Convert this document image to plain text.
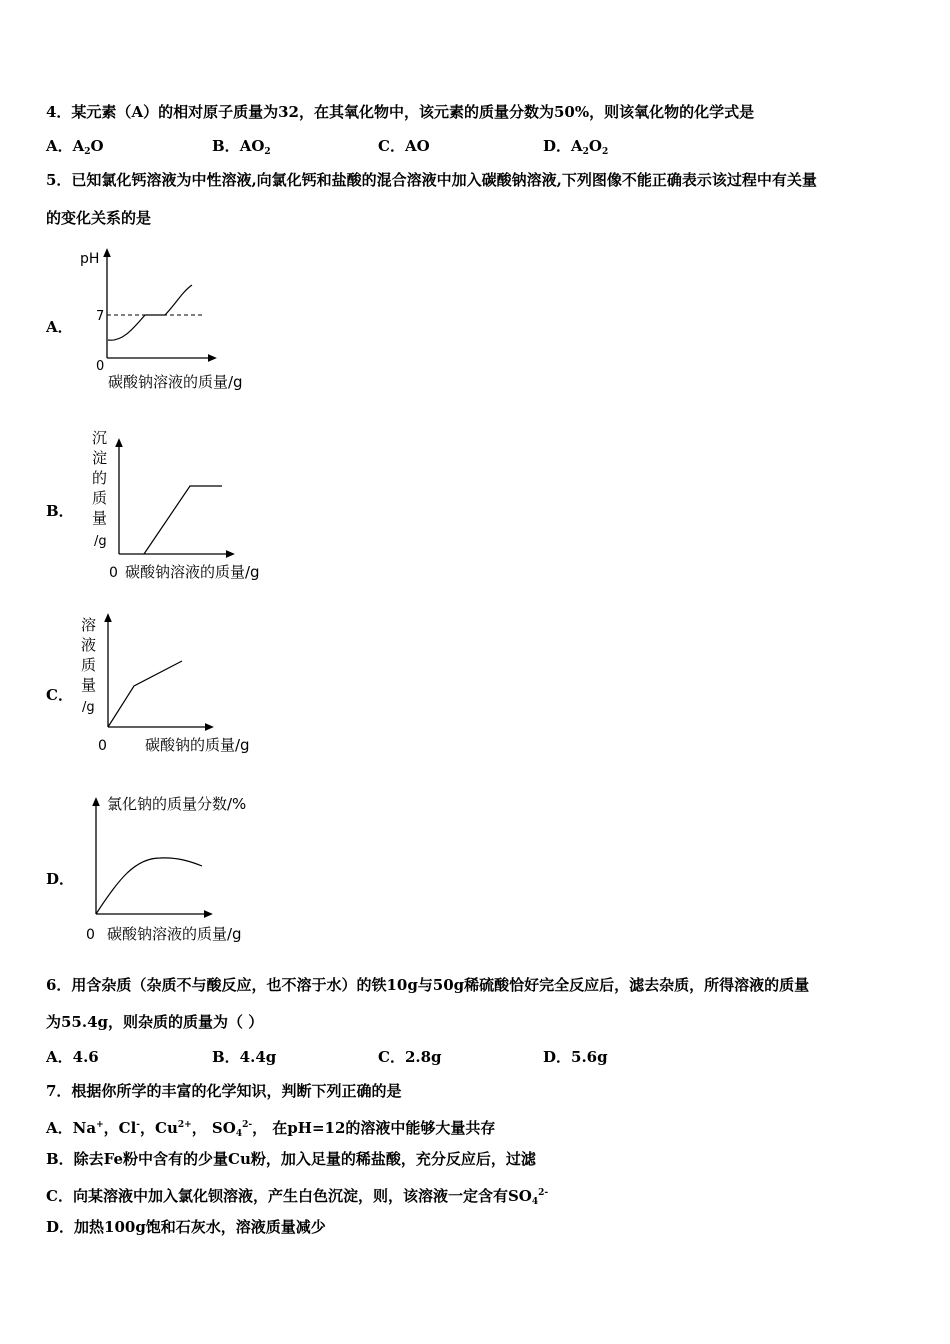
4．某元素（A）的相对原子质量为32，在其氧化物中，该元素的质量分数为50%，则该氧化物的化学式是
A．$A_2O$	B．$AO_2$	C．AO	D．$A_2O_2$
5．已知氯化钙溶液为中性溶液,向氯化钙和盐酸的混合溶液中加入碳酸钠溶液,下列图像不能正确表示该过程中有关量
的变化关系的是
A．
pH
7
0
碳酸钠溶液的质量/g
沉
淀
的
质
量
/g
0 碳酸钠溶液的质量/g
溶
液
质
量
/g
0	碳酸钠的质量/g
氯化钠的质量分数/%
0 碳酸钠溶液的质量/g
B．
C．
D．
6．用含杂质（杂质不与酸反应，也不溶于水）的铁10g与50g稀硫酸恰好完全反应后，滤去杂质，所得溶液的质量
为55.4g，则杂质的质量为（ ）
A．4.6	B．4.4g	C．2.8g	D．5.6g
7．根据你所学的丰富的化学知识，判断下列正确的是
A．Na+，Cl-，$Cu^{2+}$， $SO_4^{2-}$， 在pH=12的溶液中能够大量共存
B．除去Fe粉中含有的少量Cu粉，加入足量的稀盐酸，充分反应后，过滤
C．向某溶液中加入氯化钡溶液，产生白色沉淀，则，该溶液一定含有$SO_4^{2-}$
D．加热100g饱和石灰水，溶液质量减少
